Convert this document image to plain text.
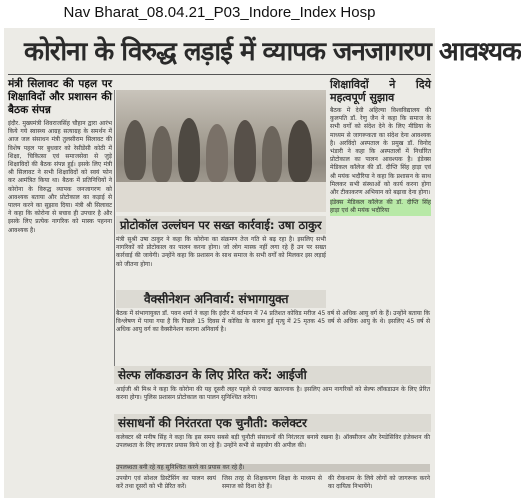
Nav Bharat_08.04.21_P03_Indore_Index Hosp
कोरोना के विरुद्ध लड़ाई में व्यापक जनजागरण आवश्यक
मंत्री सिलावट की पहल पर शिक्षाविदों और प्रशासन की बैठक संपन्न
इंदौर. मुख्यमंत्री शिवराजसिंह चौहान द्वारा आरंभ किये गये स्वास्थ्य आग्रह सत्याग्रह के समर्थन में आज जल संसाधन मंत्री तुलसीराम सिलावट की विशेष पहल पर बुधवार को रेसीडेंसी कोठी में शिक्षा, चिकित्सा एवं समाजसेवा से जुड़े शिक्षाविदों की बैठक संपन्न हुई। इसके लिए मंत्री श्री सिलावट ने सभी शिक्षाविदों को स्वयं फोन कर आमंत्रित किया था। बैठक में प्रतिनिधियों ने कोरोना के विरुद्ध व्यापक जनजागरण को आवश्यक बताया और प्रोटोकाल का कड़ाई से पालन करने का सुझाव दिया। मंत्री श्री सिलावट ने कहा कि कोरोना से बचाव ही उपचार है और इसके लिए प्रत्येक नागरिक को मास्क पहनना आवश्यक है।
शिक्षाविदों ने दिये महत्वपूर्ण सुझाव
बैठक में देवी अहिल्या विश्वविद्यालय की कुलपति डॉ. रेणु जैन ने कहा कि समाज के सभी वर्गों को संदेश देने के लिए मीडिया के माध्यम से जागरूकता का संदेश देना आवश्यक है। अरविंदो अस्पताल के प्रमुख डॉ. विनोद भंडारी ने कहा कि अस्पतालों में निर्धारित प्रोटोकाल का पालन आवश्यक है। इंडेक्स मेडिकल कॉलेज की डॉ. दीप्ति सिंह हाड़ा एवं श्री मयंक भदौरिया ने कहा कि प्रशासन के साथ मिलकर सभी संस्थाओं को कार्य करना होगा और टीकाकरण अभियान को बढ़ावा देना होगा।
इंडेक्स मेडिकल कॉलेज की डॉ. दीप्ति सिंह हाड़ा एवं श्री मयंक भदौरिया
प्रोटोकॉल उल्लंघन पर सख्त कार्रवाई: उषा ठाकुर
मंत्री सुश्री उषा ठाकुर ने कहा कि कोरोना का संक्रमण तेज गति से बढ़ रहा है। इसलिए सभी नागरिकों को प्रोटोकाल का पालन करना होगा। जो लोग मास्क नहीं लगा रहे हैं उन पर सख्त कार्रवाई की जायेगी। उन्होंने कहा कि प्रशासन के साथ समाज के सभी वर्गों को मिलकर इस लड़ाई को जीतना होगा।
वैक्सीनेशन अनिवार्य: संभागायुक्त
बैठक में संभागायुक्त डॉ. पवन शर्मा ने कहा कि इंदौर में वर्तमान में 74 प्रतिशत कोविड मरीज 45 वर्ष से अधिक आयु वर्ग के हैं। उन्होंने बताया कि विश्लेषण में पाया गया है कि पिछले 15 दिवस में कोविड के कारण हुई मृत्यु में 25 मृतक 45 वर्ष से अधिक आयु के थे। इसलिए 45 वर्ष से अधिक आयु वर्ग का वैक्सीनेशन कराना अनिवार्य है।
सेल्फ लॉकडाउन के लिए प्रेरित करें: आईजी
आईजी श्री मिश्र ने कहा कि कोरोना की यह दूसरी लहर पहले से ज्यादा खतरनाक है। इसलिए आम नागरिकों को सेल्फ लॉकडाउन के लिए प्रेरित करना होगा। पुलिस प्रशासन प्रोटोकाल का पालन सुनिश्चित करेगा।
संसाधनों की निरंतरता एक चुनौती: कलेक्टर
कलेक्टर श्री मनीष सिंह ने कहा कि इस समय सबसे बड़ी चुनौती संसाधनों की निरंतरता बनाये रखना है। ऑक्सीजन और रेमडेसिविर इंजेक्शन की उपलब्धता के लिए लगातार प्रयास किये जा रहे हैं। उन्होंने सभी से सहयोग की अपील की।
उपलब्धता बनी रहे यह सुनिश्चित करने का प्रयास कर रहे हैं।
उपयोग एवं सोशल डिस्टेंसिंग का पालन स्वयं करें तथा दूसरों को भी प्रेरित करें।
जिस तरह से शिक्षकगण शिक्षा के माध्यम से समाज को दिशा देते हैं।
की रोकथाम के लिये लोगों को जागरूक करने का दायित्व निभायेंगे।
